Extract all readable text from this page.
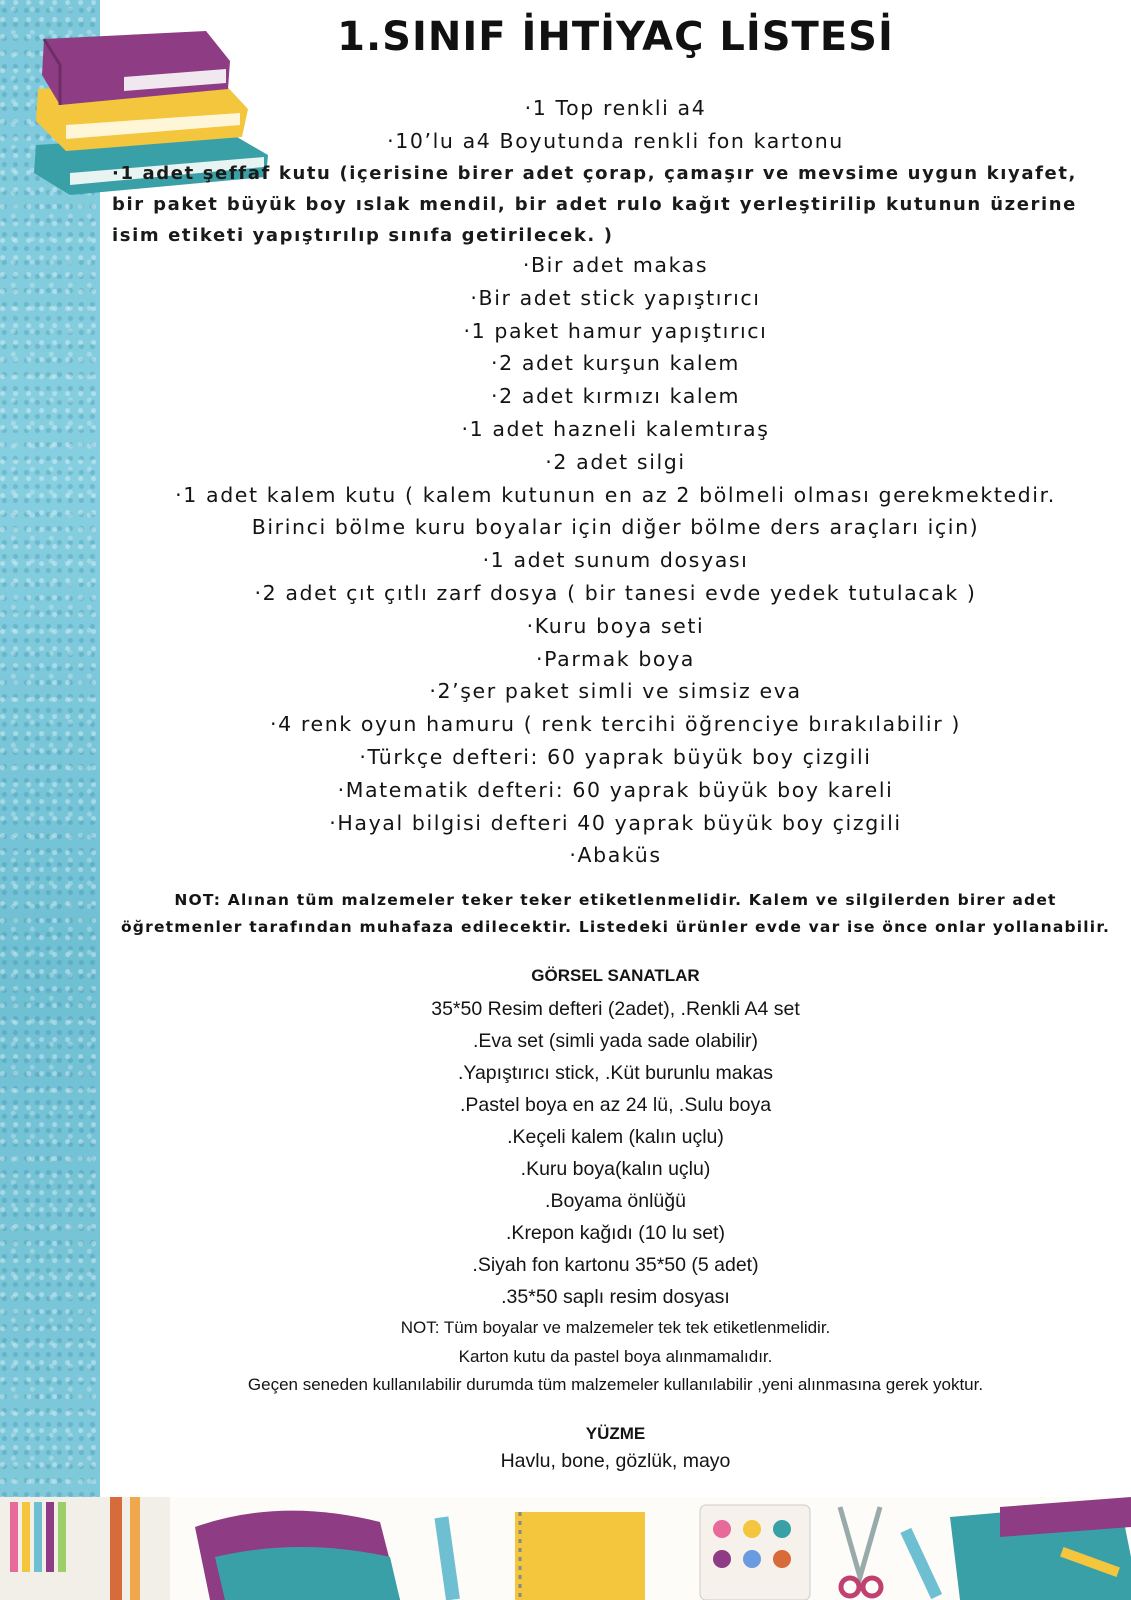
1.SINIF İHTİYAÇ LİSTESİ
·1 Top renkli a4
·10’lu a4 Boyutunda renkli fon kartonu

·1 adet şeffaf kutu (içerisine birer adet çorap, çamaşır ve mevsime uygun kıyafet, bir paket büyük boy ıslak mendil, bir adet rulo kağıt yerleştirilip kutunun üzerine isim etiketi yapıştırılıp sınıfa getirilecek. )

·Bir adet makas
·Bir adet stick yapıştırıcı
·1 paket hamur yapıştırıcı
·2 adet kurşun kalem
·2 adet kırmızı kalem
·1 adet hazneli kalemtıraş
·2 adet silgi
·1 adet kalem kutu ( kalem kutunun en az 2 bölmeli olması gerekmektedir.
Birinci bölme kuru boyalar için diğer bölme ders araçları için)
·1 adet sunum dosyası
·2 adet çıt çıtlı zarf dosya ( bir tanesi evde yedek tutulacak )
·Kuru boya seti
·Parmak boya
·2’şer paket simli ve simsiz eva
·4 renk oyun hamuru ( renk tercihi öğrenciye bırakılabilir )
·Türkçe defteri: 60 yaprak büyük boy çizgili
·Matematik defteri: 60 yaprak büyük boy kareli
·Hayal bilgisi defteri 40 yaprak büyük boy çizgili
·Abaküs
NOT: Alınan tüm malzemeler teker teker etiketlenmelidir. Kalem ve silgilerden birer adet
öğretmenler tarafından muhafaza edilecektir. Listedeki ürünler evde var ise önce onlar yollanabilir.
GÖRSEL SANATLAR
35*50 Resim defteri (2adet), .Renkli A4 set
.Eva set (simli yada sade olabilir)
.Yapıştırıcı stick, .Küt burunlu makas
.Pastel boya en az 24 lü, .Sulu boya
.Keçeli kalem (kalın uçlu)
.Kuru boya(kalın uçlu)
.Boyama önlüğü
.Krepon kağıdı (10 lu set)
.Siyah fon kartonu 35*50 (5 adet)
.35*50 saplı resim dosyası
NOT: Tüm boyalar ve malzemeler tek tek etiketlenmelidir.
Karton kutu da pastel boya alınmamalıdır.
Geçen seneden kullanılabilir durumda tüm malzemeler kullanılabilir ,yeni alınmasına gerek yoktur.
YÜZME

Havlu, bone, gözlük, mayo
